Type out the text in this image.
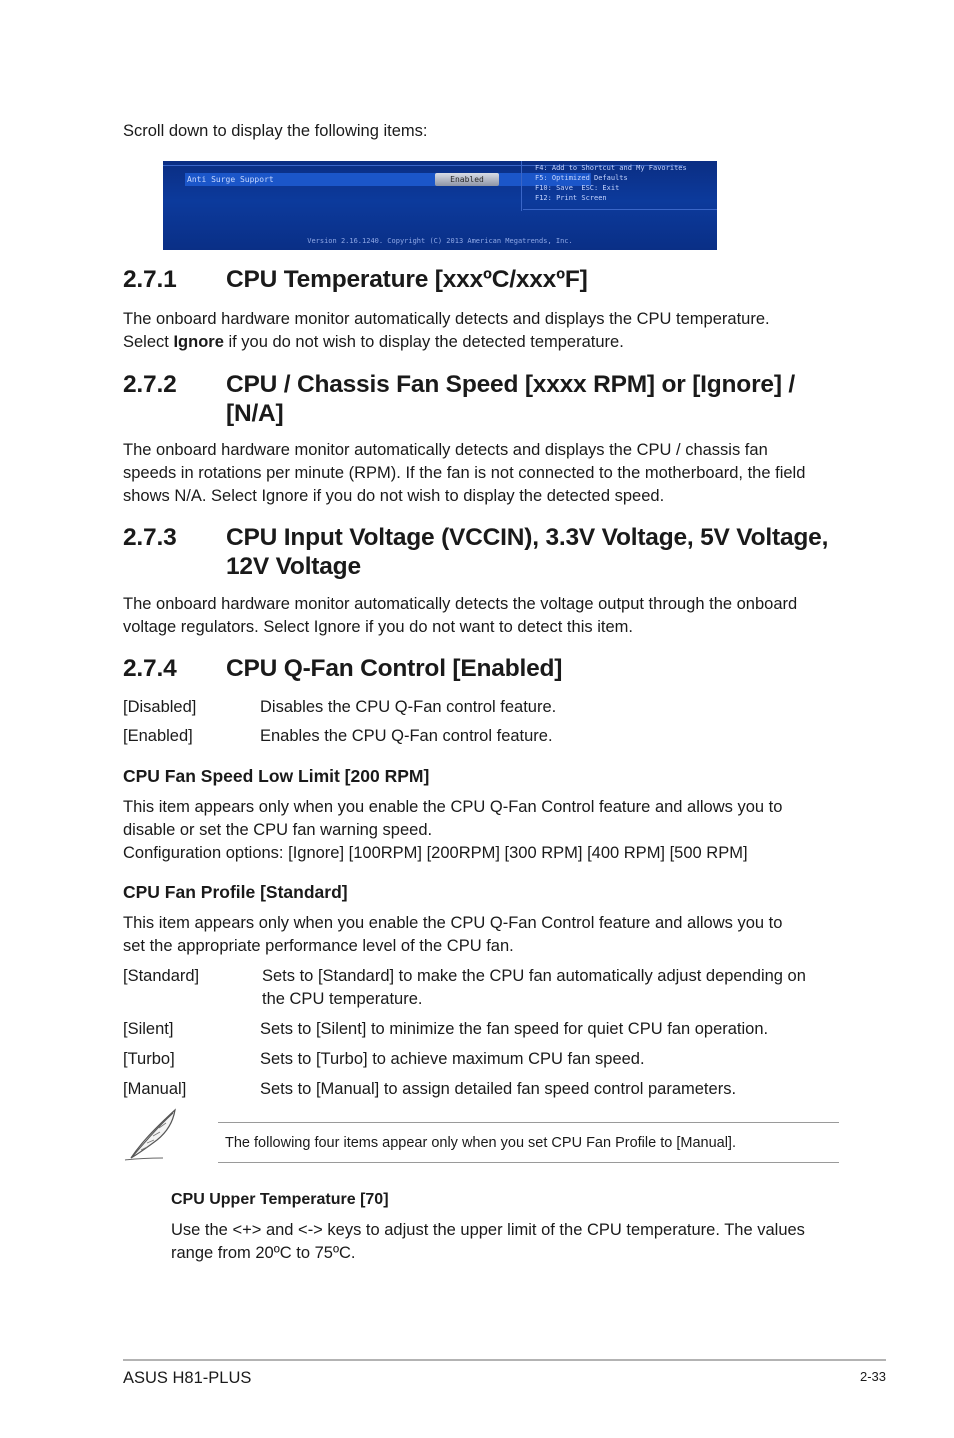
Scroll down to display the following items:
Anti Surge Support	Enabled
F4: Add to Shortcut and My Favorites
F5: Optimized Defaults
F10: Save  ESC: Exit
F12: Print Screen
Version 2.16.1240. Copyright (C) 2013 American Megatrends, Inc.
2.7.1 CPU Temperature [xxxºC/xxxºF]
The onboard hardware monitor automatically detects and displays the CPU temperature.
Select Ignore if you do not wish to display the detected temperature.
2.7.2 CPU / Chassis Fan Speed [xxxx RPM] or [Ignore] /
[N/A]
The onboard hardware monitor automatically detects and displays the CPU / chassis fan
speeds in rotations per minute (RPM). If the fan is not connected to the motherboard, the field
shows N/A. Select Ignore if you do not wish to display the detected speed.
2.7.3 CPU Input Voltage (VCCIN), 3.3V Voltage, 5V Voltage,
12V Voltage
The onboard hardware monitor automatically detects the voltage output through the onboard
voltage regulators. Select Ignore if you do not want to detect this item.
2.7.4 CPU Q-Fan Control [Enabled]
[Disabled]	Disables the CPU Q-Fan control feature.
[Enabled]	Enables the CPU Q-Fan control feature.
CPU Fan Speed Low Limit [200 RPM]
This item appears only when you enable the CPU Q-Fan Control feature and allows you to
disable or set the CPU fan warning speed.
Configuration options: [Ignore] [100RPM] [200RPM] [300 RPM] [400 RPM] [500 RPM]
CPU Fan Profile [Standard]
This item appears only when you enable the CPU Q-Fan Control feature and allows you to
set the appropriate performance level of the CPU fan.
[Standard]	Sets to [Standard] to make the CPU fan automatically adjust depending on
the CPU temperature.
[Silent]	Sets to [Silent] to minimize the fan speed for quiet CPU fan operation.
[Turbo]	Sets to [Turbo] to achieve maximum CPU fan speed.
[Manual]	Sets to [Manual] to assign detailed fan speed control parameters.
The following four items appear only when you set CPU Fan Profile to [Manual].
CPU Upper Temperature [70]
Use the <+> and <-> keys to adjust the upper limit of the CPU temperature. The values
range from 20ºC to 75ºC.
ASUS H81-PLUS	2-33
